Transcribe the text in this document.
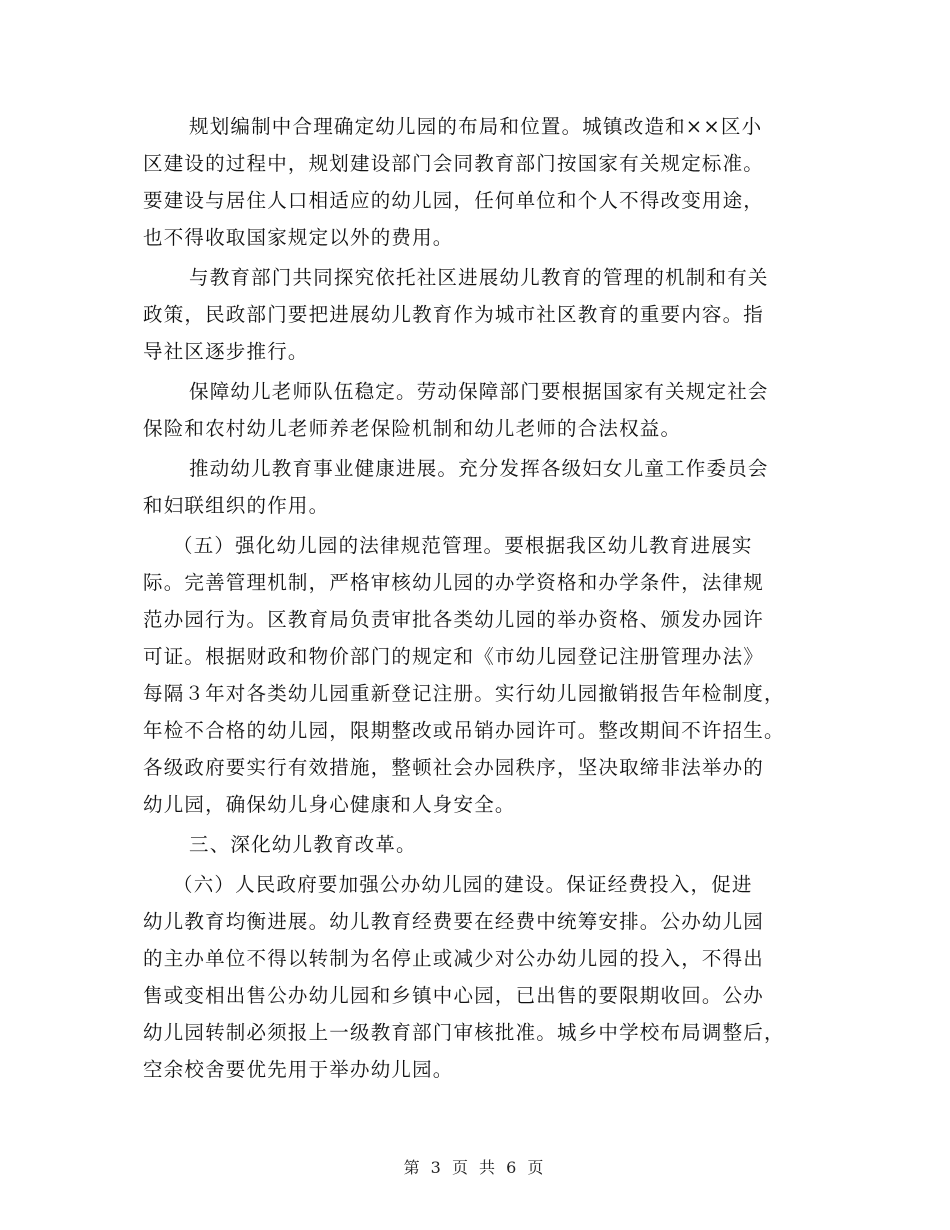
规划编制中合理确定幼儿园的布局和位置。城镇改造和××区小
区建设的过程中，规划建设部门会同教育部门按国家有关规定标准。
要建设与居住人口相适应的幼儿园，任何单位和个人不得改变用途，
也不得收取国家规定以外的费用。

与教育部门共同探究依托社区进展幼儿教育的管理的机制和有关
政策，民政部门要把进展幼儿教育作为城市社区教育的重要内容。指
导社区逐步推行。

保障幼儿老师队伍稳定。劳动保障部门要根据国家有关规定社会
保险和农村幼儿老师养老保险机制和幼儿老师的合法权益。

推动幼儿教育事业健康进展。充分发挥各级妇女儿童工作委员会
和妇联组织的作用。

（五）强化幼儿园的法律规范管理。要根据我区幼儿教育进展实
际。完善管理机制，严格审核幼儿园的办学资格和办学条件，法律规
范办园行为。区教育局负责审批各类幼儿园的举办资格、颁发办园许
可证。根据财政和物价部门的规定和《市幼儿园登记注册管理办法》
每隔３年对各类幼儿园重新登记注册。实行幼儿园撤销报告年检制度，
年检不合格的幼儿园，限期整改或吊销办园许可。整改期间不许招生。
各级政府要实行有效措施，整顿社会办园秩序，坚决取缔非法举办的
幼儿园，确保幼儿身心健康和人身安全。

三、深化幼儿教育改革。

（六）人民政府要加强公办幼儿园的建设。保证经费投入，促进
幼儿教育均衡进展。幼儿教育经费要在经费中统筹安排。公办幼儿园
的主办单位不得以转制为名停止或减少对公办幼儿园的投入，不得出
售或变相出售公办幼儿园和乡镇中心园，已出售的要限期收回。公办
幼儿园转制必须报上一级教育部门审核批准。城乡中学校布局调整后，
空余校舍要优先用于举办幼儿园。

第 3 页 共 6 页
